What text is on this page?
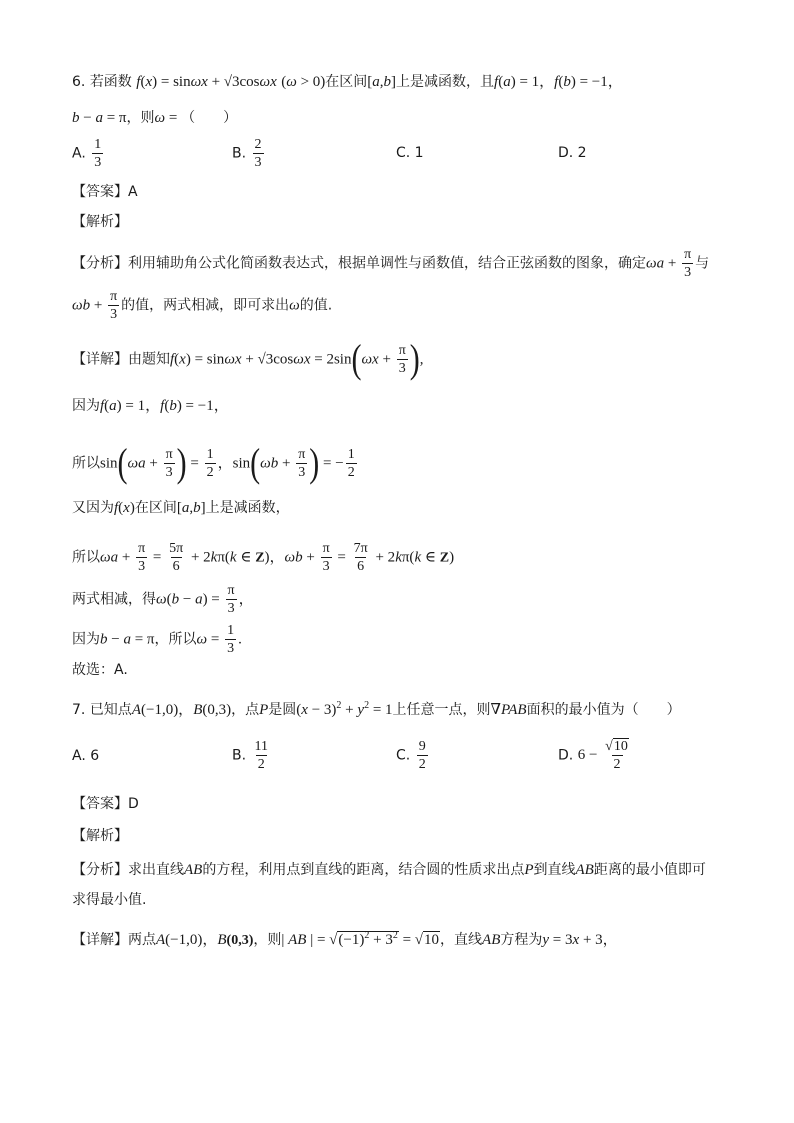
6. 若函数 f(x) = sinωx + √3cosωx (ω > 0)在区间[a,b]上是减函数，且f(a) = 1，f(b) = −1，
b − a = π，则ω = （　　）
A. $\frac{1}{3}$	B. $\frac{2}{3}$	C. 1	D. 2
【答案】A
【解析】
【分析】利用辅助角公式化简函数表达式，根据单调性与函数值，结合正弦函数的图象，确定$\omega a + \frac{\pi}{3}$ 与
$\omega b + \frac{\pi}{3}$ 的值，两式相减，即可求出ω的值.
【详解】由题知$f(x) = \sin\omega x + √3\cos\omega x = 2\sin(\omega x + \frac{\pi}{3}$ ),
因为f(a) = 1，f(b) = −1，
所以$\sin(\omega a + \frac{\pi}{3}$ ) = $\frac{1}{2}$ ，$\sin(\omega b + \frac{\pi}{3}$ ) = − $\frac{1}{2}$
又因为f(x)在区间[a,b]上是减函数，
所以$\omega a + \frac{\pi}{3} = \frac{5\pi}{6} + 2k\pi(k$ ∈ Z)，$\omega b + \frac{\pi}{3} = \frac{7\pi}{6} + 2k\pi(k$ ∈ Z)
两式相减，得$\omega(b - a) = \frac{\pi}{3}$ ，
因为b − a = π，所以$\omega = \frac{1}{3}$ .
故选：A.
7. 已知点A(−1,0)，B(0,3)，点P是圆$(x - 3)^2 + y^2 = 1$上任意一点，则∇PAB面积的最小值为（　　）
A. 6	B. $\frac{11}{2}$	C. $\frac{9}{2}$	D. $6 - \frac{√10}{2}$
【答案】D
【解析】
【分析】求出直线AB的方程，利用点到直线的距离，结合圆的性质求出点P到直线AB距离的最小值即可
求得最小值.
【详解】两点A(−1,0)，B(0,3)，则| AB | = $√(-1)^2 + 3^2 = √10$，直线AB方程为y = 3x + 3，
